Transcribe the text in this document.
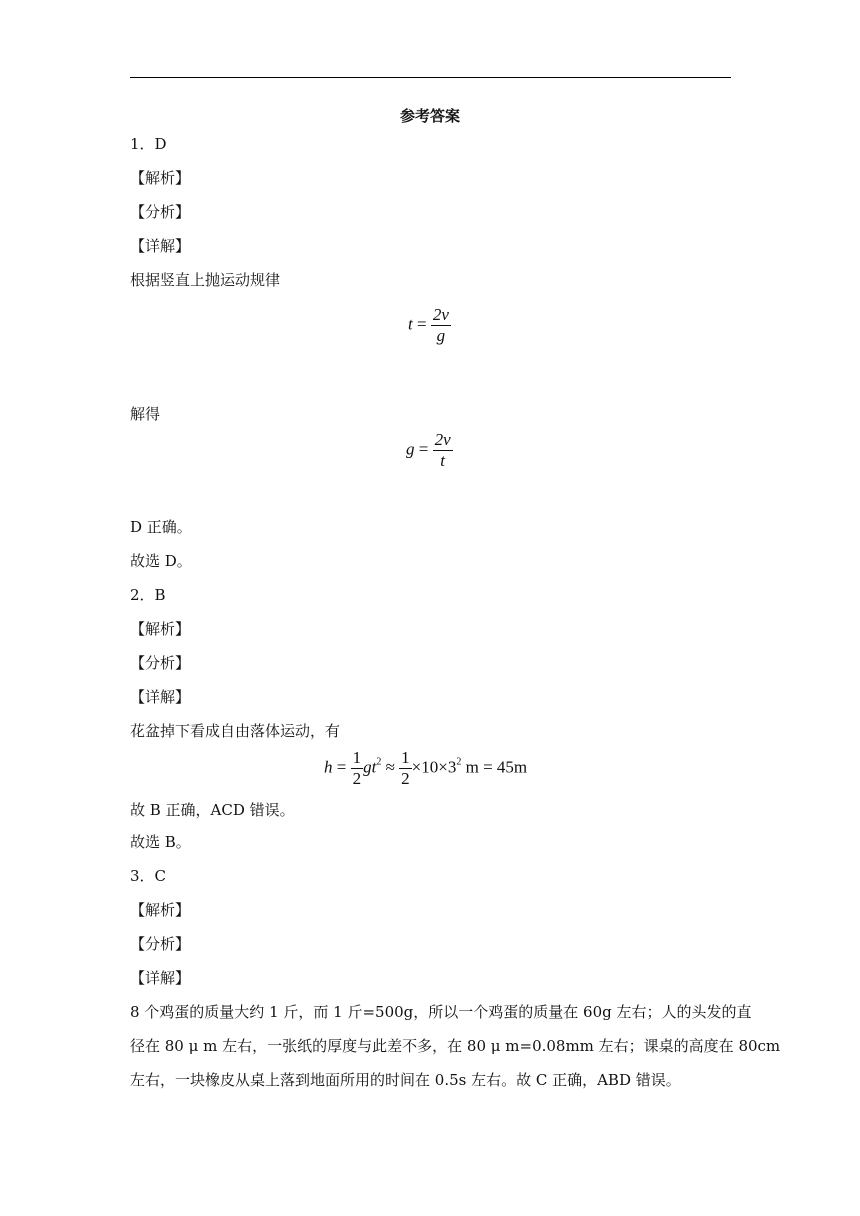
参考答案
1．D
【解析】
【分析】
【详解】
根据竖直上抛运动规律
$t = \frac{2v}{g}$
解得
$g = \frac{2v}{t}$
D 正确。
故选 D。
2．B
【解析】
【分析】
【详解】
花盆掉下看成自由落体运动，有
$h = \frac{1}{2} gt^2 \approx \frac{1}{2} \times 10\times 3^2$ m = 45m
故 B 正确，ACD 错误。
故选 B。
3．C
【解析】
【分析】
【详解】
8 个鸡蛋的质量大约 1 斤，而 1 斤=500g，所以一个鸡蛋的质量在 60g 左右；人的头发的直
径在 80 μ m 左右，一张纸的厚度与此差不多，在 80 μ m=0.08mm 左右；课桌的高度在 80cm
左右，一块橡皮从桌上落到地面所用的时间在 0.5s 左右。故 C 正确，ABD 错误。
